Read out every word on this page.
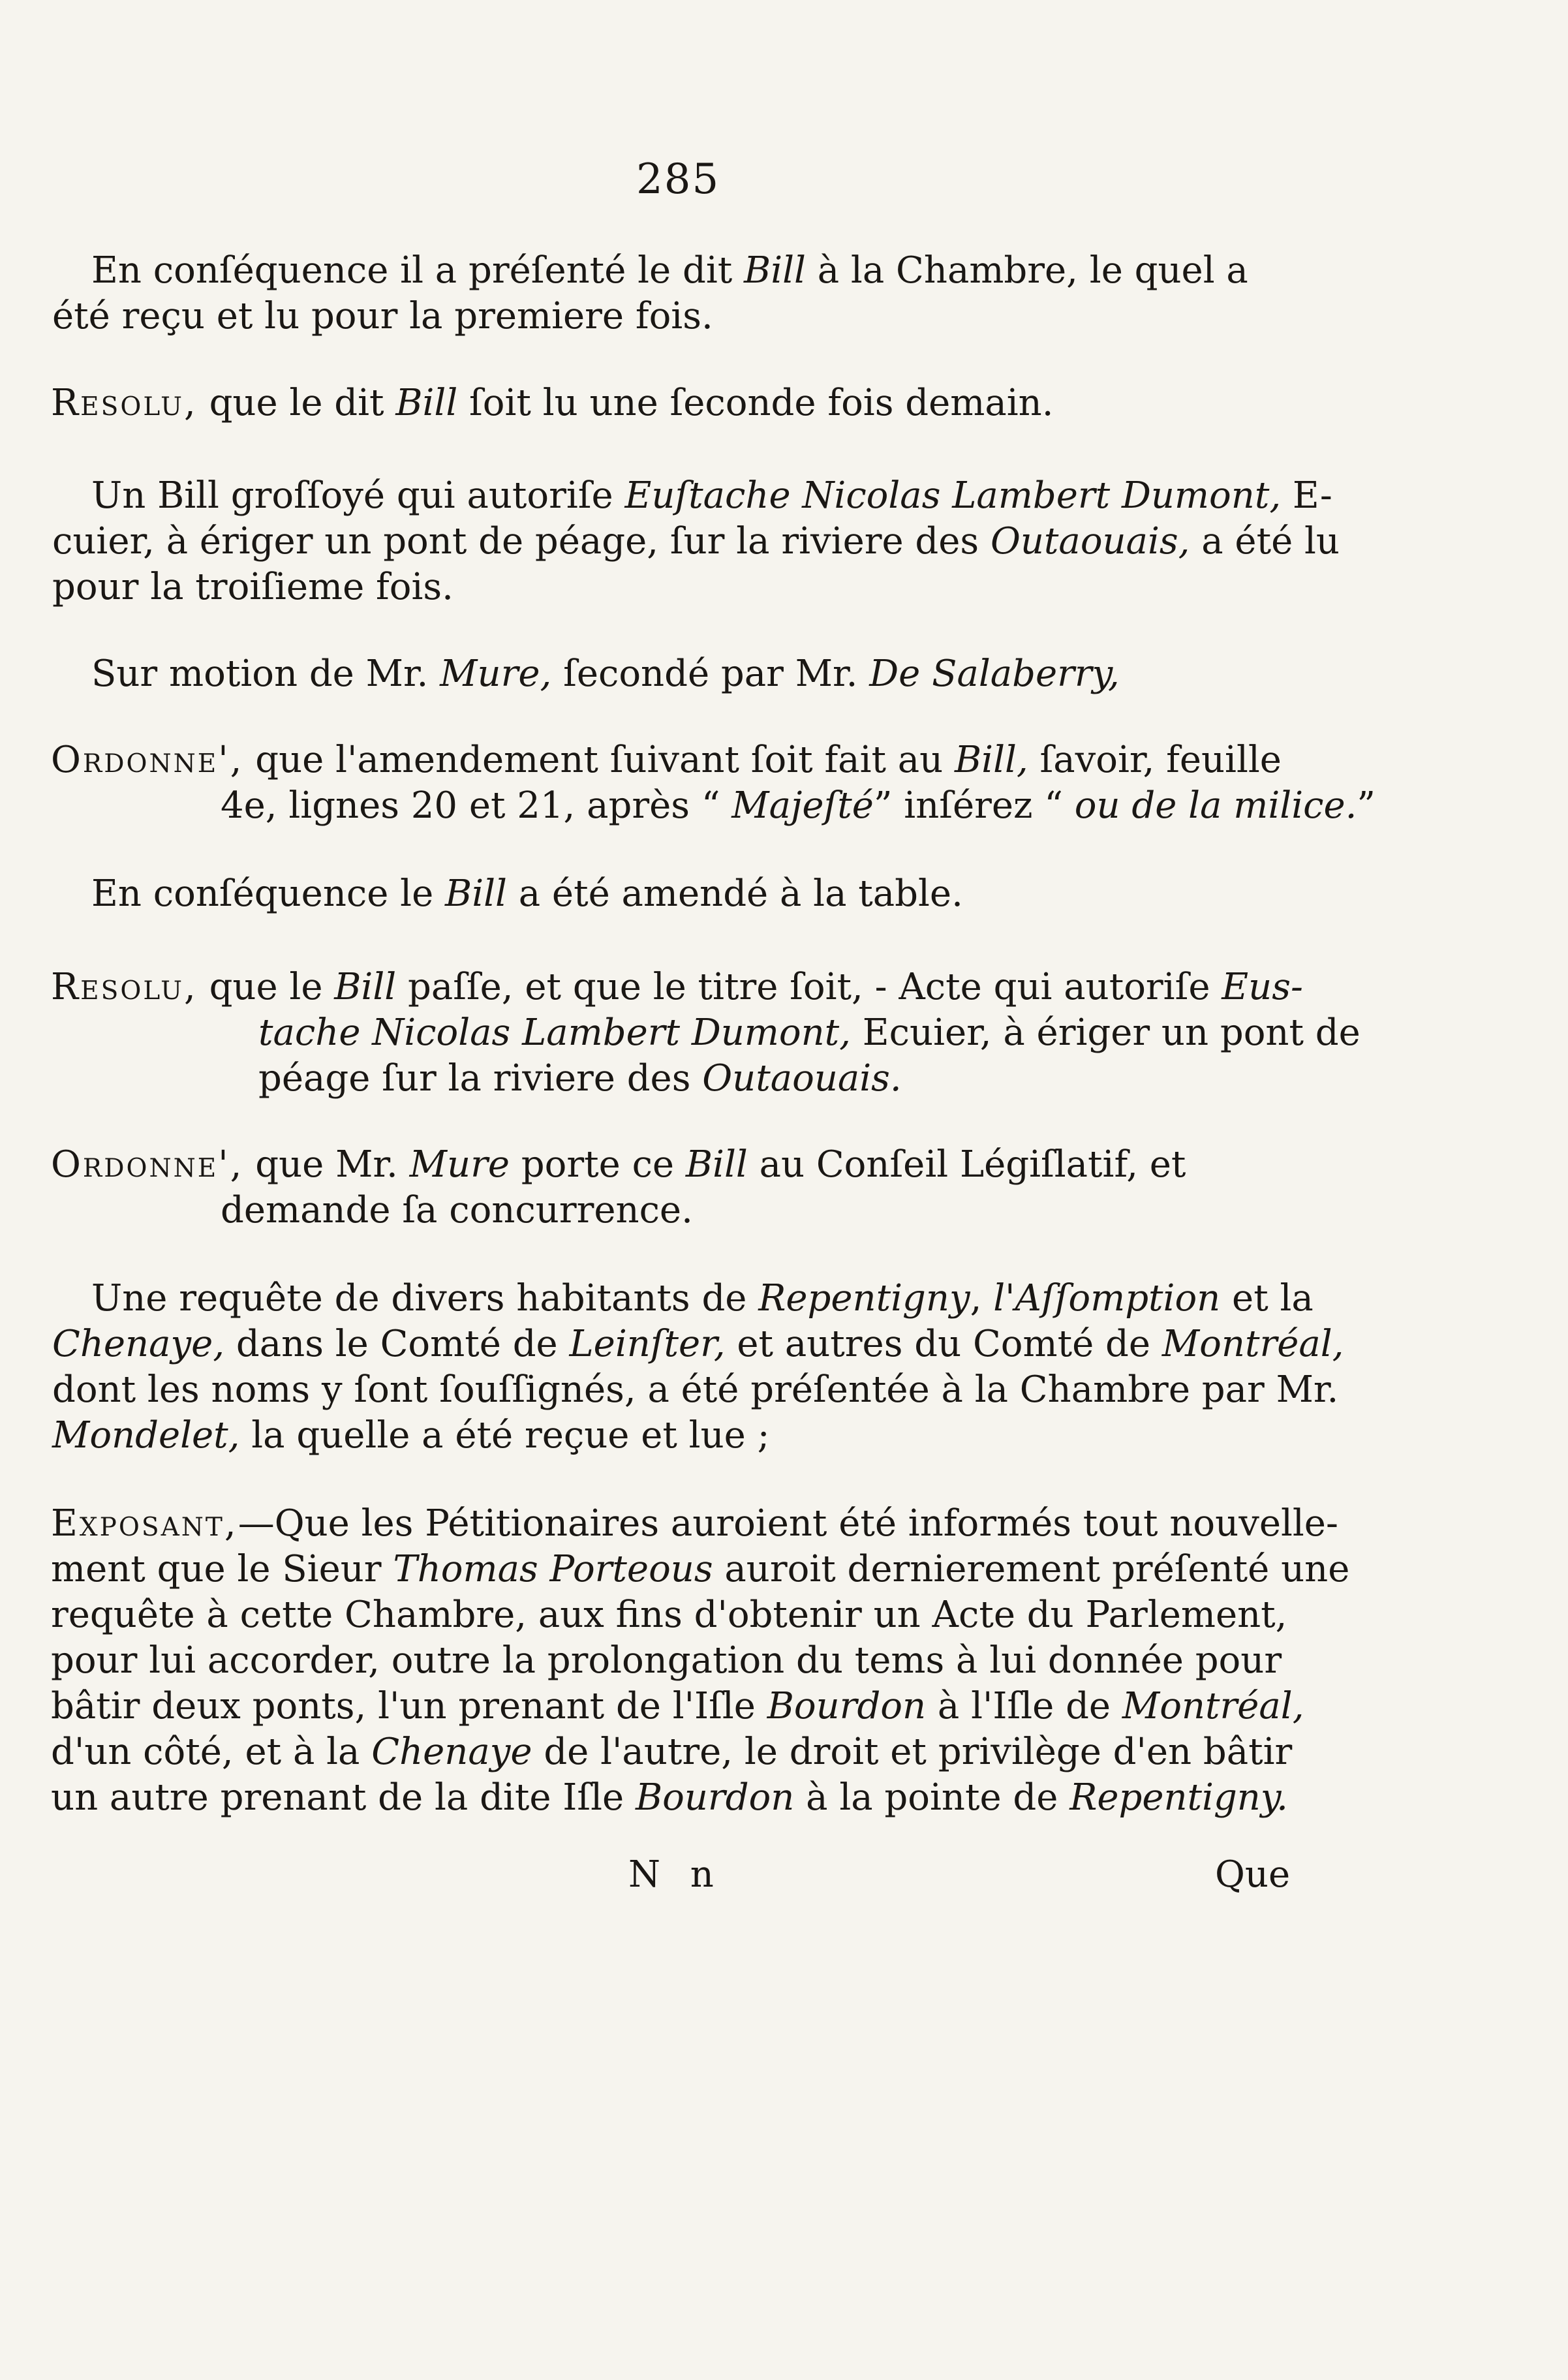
285
En conſéquence il a préſenté le dit Bill à la Chambre, le quel a
été reçu et lu pour la premiere fois.
Resolu, que le dit Bill ſoit lu une ſeconde fois demain.
Un Bill groſſoyé qui autoriſe Euſtache Nicolas Lambert Dumont, E-
cuier, à ériger un pont de péage, ſur la riviere des Outaouais, a été lu
pour la troiſieme fois.
Sur motion de Mr. Mure, ſecondé par Mr. De Salaberry,
Ordonne', que l'amendement ſuivant ſoit fait au Bill, ſavoir, feuille
4e, lignes 20 et 21, après “ Majeſté” inſérez “ ou de la milice.”
En conſéquence le Bill a été amendé à la table.
Resolu, que le Bill paſſe, et que le titre ſoit, - Acte qui autoriſe Eus-
tache Nicolas Lambert Dumont, Ecuier, à ériger un pont de
péage ſur la riviere des Outaouais.
Ordonne', que Mr. Mure porte ce Bill au Conſeil Légiſlatif, et
demande ſa concurrence.
Une requête de divers habitants de Repentigny, l'Aſſomption et la
Chenaye, dans le Comté de Leinſter, et autres du Comté de Montréal,
dont les noms y ſont ſouſſignés, a été préſentée à la Chambre par Mr.
Mondelet, la quelle a été reçue et lue ;
Exposant,—Que les Pétitionaires auroient été informés tout nouvelle-
ment que le Sieur Thomas Porteous auroit dernierement préſenté une
requête à cette Chambre, aux fins d'obtenir un Acte du Parlement,
pour lui accorder, outre la prolongation du tems à lui donnée pour
bâtir deux ponts, l'un prenant de l'Iſle Bourdon à l'Iſle de Montréal,
d'un côté, et à la Chenaye de l'autre, le droit et privilège d'en bâtir
un autre prenant de la dite Iſle Bourdon à la pointe de Repentigny.
N n	Que
